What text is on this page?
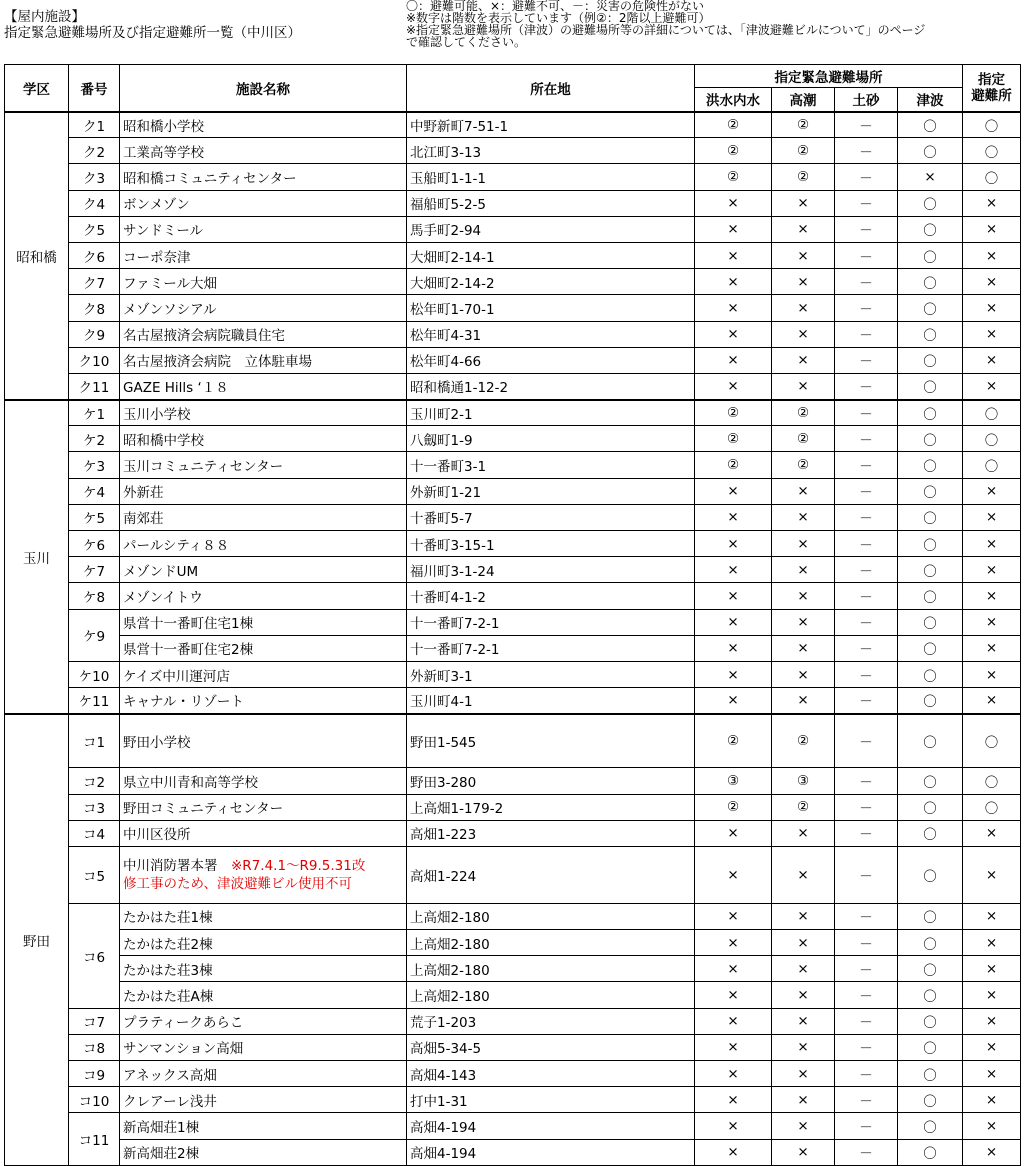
【屋内施設】
指定緊急避難場所及び指定避難所一覧（中川区）
〇：避難可能、×：避難不可、－：災害の危険性がない
※数字は階数を表示しています（例②：2階以上避難可）
※指定緊急避難場所（津波）の避難場所等の詳細については、「津波避難ビルについて」のページ
で確認してください。
学区	番号	施設名称	所在地	指定緊急避難場所				指定
避難所

				洪水内水	高潮	土砂	津波	
昭和橋	ク1	昭和橋小学校	中野新町7-51-1	②	②	－	〇	〇
	ク2	工業高等学校	北江町3-13	②	②	－	〇	〇
	ク3	昭和橋コミュニティセンター	玉船町1-1-1	②	②	－	×	〇
	ク4	ボンメゾン	福船町5-2-5	×	×	－	〇	×
	ク5	サンドミール	馬手町2-94	×	×	－	〇	×
	ク6	コーポ奈津	大畑町2-14-1	×	×	－	〇	×
	ク7	ファミール大畑	大畑町2-14-2	×	×	－	〇	×
	ク8	メゾンソシアル	松年町1-70-1	×	×	－	〇	×
	ク9	名古屋掖済会病院職員住宅	松年町4-31	×	×	－	〇	×
	ク10	名古屋掖済会病院　立体駐車場	松年町4-66	×	×	－	〇	×
	ク11	GAZE Hills ‘１８	昭和橋通1-12-2	×	×	－	〇	×
玉川	ケ1	玉川小学校	玉川町2-1	②	②	－	〇	〇
	ケ2	昭和橋中学校	八劔町1-9	②	②	－	〇	〇
	ケ3	玉川コミュニティセンター	十一番町3-1	②	②	－	〇	〇
	ケ4	外新荘	外新町1-21	×	×	－	〇	×
	ケ5	南郊荘	十番町5-7	×	×	－	〇	×
	ケ6	パールシティ８８	十番町3-15-1	×	×	－	〇	×
	ケ7	メゾンドUM	福川町3-1-24	×	×	－	〇	×
	ケ8	メゾンイトウ	十番町4-1-2	×	×	－	〇	×
	ケ9	県営十一番町住宅1棟	十一番町7-2-1	×	×	－	〇	×
		県営十一番町住宅2棟	十一番町7-2-1	×	×	－	〇	×
	ケ10	ケイズ中川運河店	外新町3-1	×	×	－	〇	×
	ケ11	キャナル・リゾート	玉川町4-1	×	×	－	〇	×
野田	コ1	野田小学校	野田1-545	②	②	－	〇	〇
	コ2	県立中川青和高等学校	野田3-280	③	③	－	〇	〇
	コ3	野田コミュニティセンター	上高畑1-179-2	②	②	－	〇	〇
	コ4	中川区役所	高畑1-223	×	×	－	〇	×
	コ5	中川消防署本署　 ※R7.4.1～R9.5.31改
修工事のため、津波避難ビル使用不可	高畑1-224	×	×	－	〇	×
	コ6	たかはた荘1棟	上高畑2-180	×	×	－	〇	×
		たかはた荘2棟	上高畑2-180	×	×	－	〇	×
		たかはた荘3棟	上高畑2-180	×	×	－	〇	×
		たかはた荘A棟	上高畑2-180	×	×	－	〇	×
	コ7	プラティークあらこ	荒子1-203	×	×	－	〇	×
	コ8	サンマンション高畑	高畑5-34-5	×	×	－	〇	×
	コ9	アネックス高畑	高畑4-143	×	×	－	〇	×
	コ10	クレアーレ浅井	打中1-31	×	×	－	〇	×
	コ11	新高畑荘1棟	高畑4-194	×	×	－	〇	×
		新高畑荘2棟	高畑4-194	×	×	－	〇	×
